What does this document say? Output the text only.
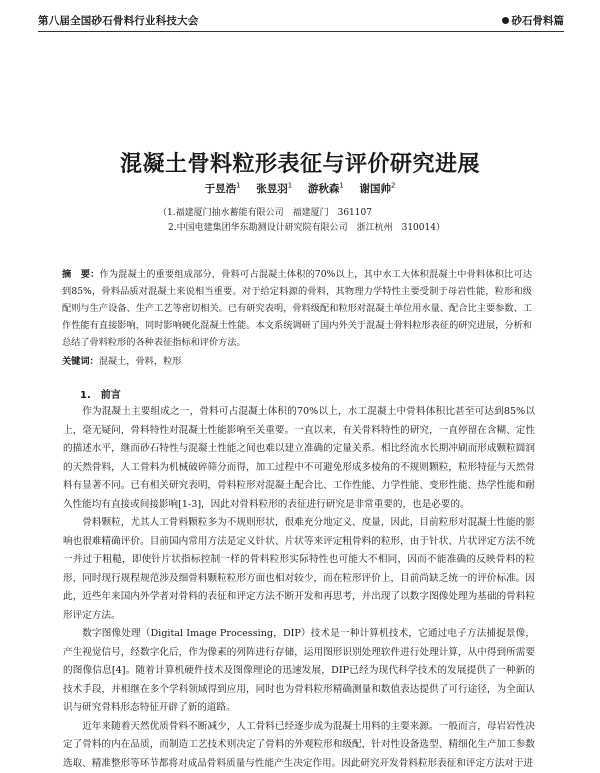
第八届全国砂石骨料行业科技大会	砂石骨料篇
混凝土骨料粒形表征与评价研究进展
于昱浩$^1$ 张昱羽$^1$ 游秋森$^1$ 谢国帅$^2$
（1.福建厦门抽水蓄能有限公司　福建厦门　361107
2.中国电建集团华东勘测设计研究院有限公司　浙江杭州　310014）
摘　要：作为混凝土的重要组成部分，骨料可占混凝土体积的70%以上，其中水工大体积混凝土中骨料体积比可达到85%，骨料品质对混凝土来说相当重要。对于给定料源的骨料，其物理力学特性主要受制于母岩性能，粒形和级配则与生产设备、生产工艺等密切相关。已有研究表明，骨料级配和粒形对混凝土单位用水量、配合比主要参数、工作性能有直接影响，同时影响硬化混凝土性能。本文系统调研了国内外关于混凝土骨料粒形表征的研究进展，分析和总结了骨料粒形的各种表征指标和评价方法。
关键词：混凝土，骨料，粒形
1.　前言

作为混凝土主要组成之一，骨料可占混凝土体积的70%以上，水工混凝土中骨料体积比甚至可达到85%以上，毫无疑问，骨料特性对混凝土性能影响至关重要。一直以来，有关骨料特性的研究，一直停留在含糊、定性的描述水平，继而砂石特性与混凝土性能之间也难以建立准确的定量关系。相比经流水长期冲刷而形成颗粒圆润的天然骨料，人工骨料为机械破碎筛分而得，加工过程中不可避免形成多棱角的不规则颗粒，粒形特征与天然骨料有显著不同。已有相关研究表明，骨料粒形对混凝土配合比、工作性能、力学性能、变形性能、热学性能和耐久性能均有直接或间接影响[1-3]，因此对骨料粒形的表征进行研究是非常重要的，也是必要的。

骨料颗粒，尤其人工骨料颗粒多为不规则形状，很难充分地定义、度量，因此，目前粒形对混凝土性能的影响也很难精确评价。目前国内常用方法是定义针状、片状等来评定粗骨料的粒形，由于针状、片状评定方法不统一并过于粗糙，即使针片状指标控制一样的骨料粒形实际特性也可能大不相同，因而不能准确的反映骨料的粒形，同时现行规程规范涉及细骨料颗粒粒形方面也相对较少，而在粒形评价上，目前尚缺乏统一的评价标准。因此，近些年来国内外学者对骨料的表征和评定方法不断开发和再思考，并出现了以数字图像处理为基础的骨料粒形评定方法。

数字图像处理（Digital Image Processing，DIP）技术是一种计算机技术，它通过电子方法捕捉景像，产生视觉信号，经数字化后，作为像素的列阵进行存储，运用图形识别处理软件进行处理计算，从中得到所需要的图像信息[4]。随着计算机硬件技术及图像理论的迅速发展，DIP已经为现代科学技术的发展提供了一种新的技术手段，并相继在多个学科领域得到应用，同时也为骨料粒形精确测量和数值表达提供了可行途径，为全面认识与研究骨料形态特征开辟了新的道路。

近年来随着天然优质骨料不断减少，人工骨料已经逐步成为混凝土用料的主要来源。一般而言，母岩岩性决定了骨料的内在品质，而制造工艺技术则决定了骨料的外观粒形和级配，针对性设备选型、精细化生产加工参数选取、精准整形等环节都将对成品骨料质量与性能产生决定作用。因此研究开发骨料粒形表征和评定方法对于进
